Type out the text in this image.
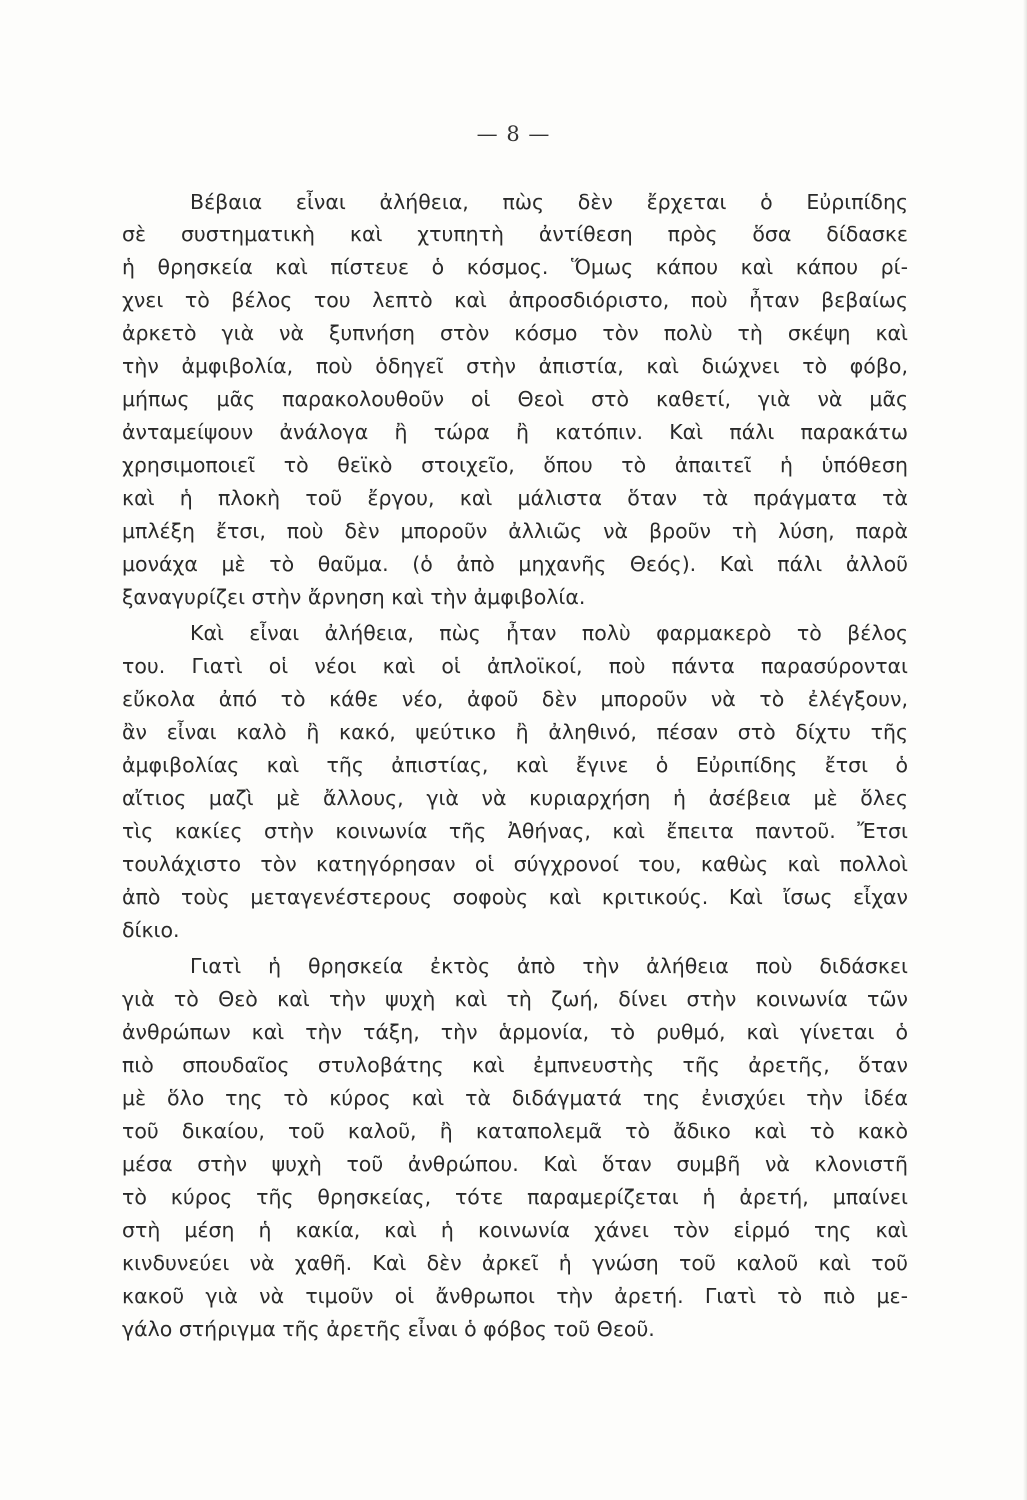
— 8 —
Βέβαια εἶναι ἀλήθεια, πὼς δὲν ἔρχεται ὁ Εὐριπίδης
σὲ συστηματικὴ καὶ χτυπητὴ ἀντίθεση πρὸς ὅσα δίδασκε
ἡ θρησκεία καὶ πίστευε ὁ κόσμος. Ὅμως κάπου καὶ κάπου ρί-
χνει τὸ βέλος του λεπτὸ καὶ ἀπροσδιόριστο, ποὺ ἦταν βεβαίως
ἀρκετὸ γιὰ νὰ ξυπνήση στὸν κόσμο τὸν πολὺ τὴ σκέψη καὶ
τὴν ἀμφιβολία, ποὺ ὁδηγεῖ στὴν ἀπιστία, καὶ διώχνει τὸ φόβο,
μήπως μᾶς παρακολουθοῦν οἱ Θεοὶ στὸ καθετί, γιὰ νὰ μᾶς
ἀνταμείψουν ἀνάλογα ἢ τώρα ἢ κατόπιν. Καὶ πάλι παρακάτω
χρησιμοποιεῖ τὸ θεϊκὸ στοιχεῖο, ὅπου τὸ ἀπαιτεῖ ἡ ὑπόθεση
καὶ ἡ πλοκὴ τοῦ ἔργου, καὶ μάλιστα ὅταν τὰ πράγματα τὰ
μπλέξη ἔτσι, ποὺ δὲν μποροῦν ἀλλιῶς νὰ βροῦν τὴ λύση, παρὰ
μονάχα μὲ τὸ θαῦμα. (ὁ ἀπὸ μηχανῆς Θεός). Καὶ πάλι ἀλλοῦ
ξαναγυρίζει στὴν ἄρνηση καὶ τὴν ἀμφιβολία.
Καὶ εἶναι ἀλήθεια, πὼς ἦταν πολὺ φαρμακερὸ τὸ βέλος
του. Γιατὶ οἱ νέοι καὶ οἱ ἀπλοϊκοί, ποὺ πάντα παρασύρονται
εὔκολα ἀπό τὸ κάθε νέο, ἀφοῦ δὲν μποροῦν νὰ τὸ ἐλέγξουν,
ἂν εἶναι καλὸ ἢ κακό, ψεύτικο ἢ ἀληθινό, πέσαν στὸ δίχτυ τῆς
ἀμφιβολίας καὶ τῆς ἀπιστίας, καὶ ἔγινε ὁ Εὐριπίδης ἔτσι ὁ
αἴτιος μαζὶ μὲ ἄλλους, γιὰ νὰ κυριαρχήση ἡ ἀσέβεια μὲ ὅλες
τὶς κακίες στὴν κοινωνία τῆς Ἀθήνας, καὶ ἔπειτα παντοῦ. Ἔτσι
τουλάχιστο τὸν κατηγόρησαν οἱ σύγχρονοί του, καθὼς καὶ πολλοὶ
ἀπὸ τοὺς μεταγενέστερους σοφοὺς καὶ κριτικούς. Καὶ ἴσως εἶχαν
δίκιο.
Γιατὶ ἡ θρησκεία ἐκτὸς ἀπὸ τὴν ἀλήθεια ποὺ διδάσκει
γιὰ τὸ Θεὸ καὶ τὴν ψυχὴ καὶ τὴ ζωή, δίνει στὴν κοινωνία τῶν
ἀνθρώπων καὶ τὴν τάξη, τὴν ἁρμονία, τὸ ρυθμό, καὶ γίνεται ὁ
πιὸ σπουδαῖος στυλοβάτης καὶ ἐμπνευστὴς τῆς ἀρετῆς, ὅταν
μὲ ὅλο της τὸ κύρος καὶ τὰ διδάγματά της ἐνισχύει τὴν ἰδέα
τοῦ δικαίου, τοῦ καλοῦ, ἢ καταπολεμᾶ τὸ ἄδικο καὶ τὸ κακὸ
μέσα στὴν ψυχὴ τοῦ ἀνθρώπου. Καὶ ὅταν συμβῆ νὰ κλονιστῆ
τὸ κύρος τῆς θρησκείας, τότε παραμερίζεται ἡ ἀρετή, μπαίνει
στὴ μέση ἡ κακία, καὶ ἡ κοινωνία χάνει τὸν εἱρμό της καὶ
κινδυνεύει νὰ χαθῆ. Καὶ δὲν ἀρκεῖ ἡ γνώση τοῦ καλοῦ καὶ τοῦ
κακοῦ γιὰ νὰ τιμοῦν οἱ ἄνθρωποι τὴν ἀρετή. Γιατὶ τὸ πιὸ με-
γάλο στήριγμα τῆς ἀρετῆς εἶναι ὁ φόβος τοῦ Θεοῦ.
